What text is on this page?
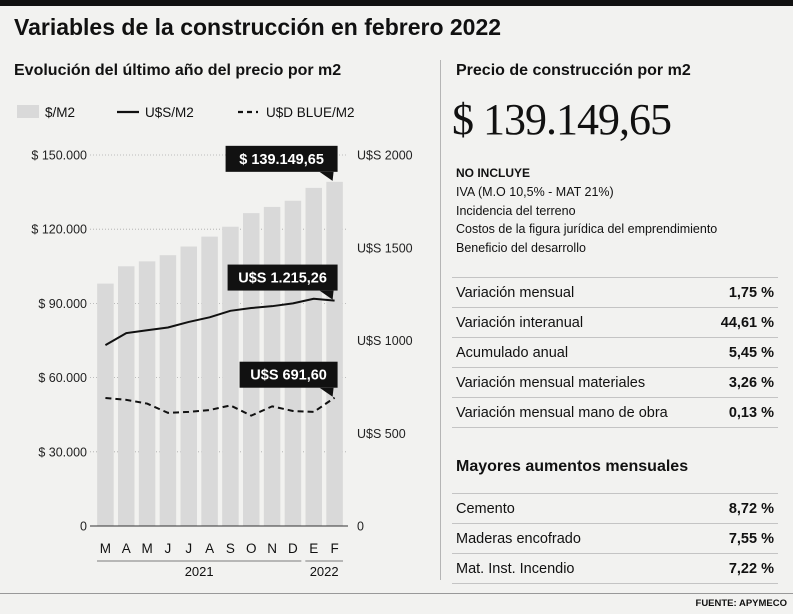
Variables de la construcción en febrero 2022
Evolución del último año del precio por m2
$/M2	U$S/M2	U$D BLUE/M2
0
$ 30.000
$ 60.000
$ 90.000
$ 120.000
$ 150.000
0
U$S 500
U$S 1000
U$S 1500
U$S 2000
M A M J J A S O N D E F
2021	2022
$ 139.149,65
U$S 1.215,26
U$S 691,60
Precio de construcción por m2
$ 139.149,65
NO INCLUYE
IVA (M.O 10,5% - MAT 21%)
Incidencia del terreno
Costos de la figura jurídica del emprendimiento
Beneficio del desarrollo
Variación mensual	1,75 %
Variación interanual	44,61 %
Acumulado anual	5,45 %
Variación mensual materiales	3,26 %
Variación mensual mano de obra	0,13 %
Mayores aumentos mensuales
Cemento	8,72 %
Maderas encofrado	7,55 %
Mat. Inst. Incendio	7,22 %
FUENTE: APYMECO
